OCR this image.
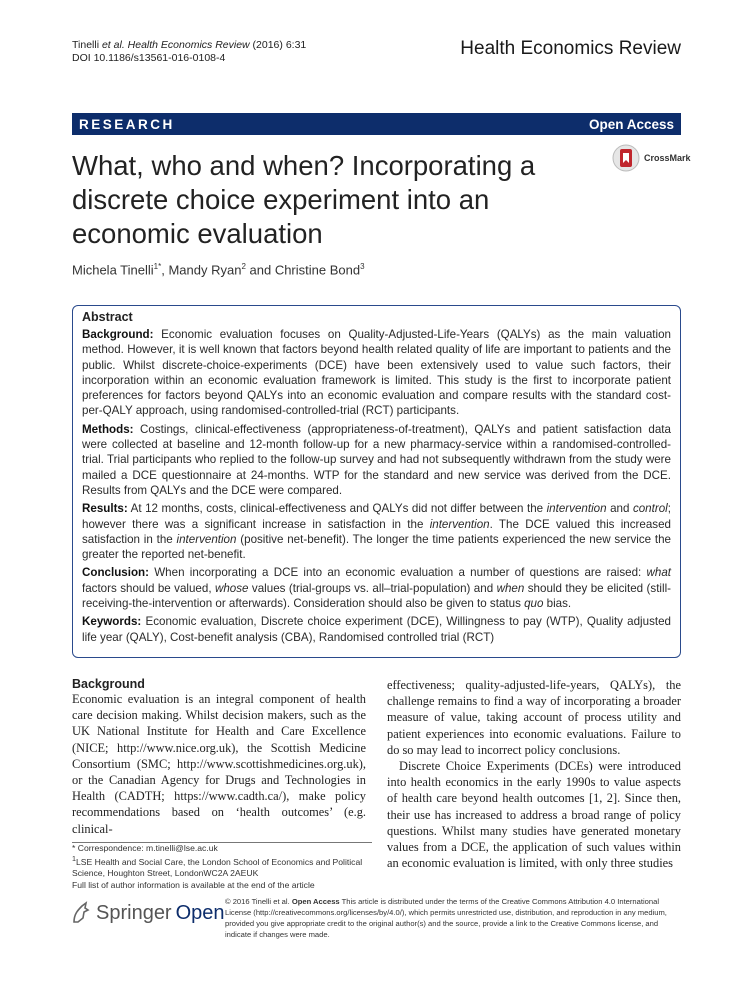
Tinelli et al. Health Economics Review (2016) 6:31
DOI 10.1186/s13561-016-0108-4	Health Economics Review
RESEARCH	Open Access
What, who and when? Incorporating a discrete choice experiment into an economic evaluation
CrossMark
Michela Tinelli$^{1*}$, Mandy Ryan$^2$ and Christine Bond$^3$
Abstract

Background: Economic evaluation focuses on Quality-Adjusted-Life-Years (QALYs) as the main valuation method. However, it is well known that factors beyond health related quality of life are important to patients and the public. Whilst discrete-choice-experiments (DCE) have been extensively used to value such factors, their incorporation within an economic evaluation framework is limited. This study is the first to incorporate patient preferences for factors beyond QALYs into an economic evaluation and compare results with the standard cost-per-QALY approach, using randomised-controlled-trial (RCT) participants.

Methods: Costings, clinical-effectiveness (appropriateness-of-treatment), QALYs and patient satisfaction data were collected at baseline and 12-month follow-up for a new pharmacy-service within a randomised-controlled-trial. Trial participants who replied to the follow-up survey and had not subsequently withdrawn from the study were mailed a DCE questionnaire at 24-months. WTP for the standard and new service was derived from the DCE. Results from QALYs and the DCE were compared.

Results: At 12 months, costs, clinical-effectiveness and QALYs did not differ between the intervention and control; however there was a significant increase in satisfaction in the intervention. The DCE valued this increased satisfaction in the intervention (positive net-benefit). The longer the time patients experienced the new service the greater the reported net-benefit.

Conclusion: When incorporating a DCE into an economic evaluation a number of questions are raised: what factors should be valued, whose values (trial-groups vs. all–trial-population) and when should they be elicited (still-receiving-the-intervention or afterwards). Consideration should also be given to status quo bias.

Keywords: Economic evaluation, Discrete choice experiment (DCE), Willingness to pay (WTP), Quality adjusted life year (QALY), Cost-benefit analysis (CBA), Randomised controlled trial (RCT)

Background

Economic evaluation is an integral component of health care decision making. Whilst decision makers, such as the UK National Institute for Health and Care Excellence (NICE; http://www.nice.org.uk), the Scottish Medicine Consortium (SMC; http://www.scottishmedicines.org.uk), or the Canadian Agency for Drugs and Technologies in Health (CADTH; https://www.cadth.ca/), make policy recommendations based on ‘health outcomes’ (e.g. clinical-

effectiveness; quality-adjusted-life-years, QALYs), the challenge remains to find a way of incorporating a broader measure of value, taking account of process utility and patient experiences into economic evaluations. Failure to do so may lead to incorrect policy conclusions.

Discrete Choice Experiments (DCEs) were introduced into health economics in the early 1990s to value aspects of health care beyond health outcomes [1, 2]. Since then, their use has increased to address a broad range of policy questions. Whilst many studies have generated monetary values from a DCE, the application of such values within an economic evaluation is limited, with only three studies

* Correspondence: m.tinelli@lse.ac.uk

$^1$LSE Health and Social Care, the London School of Economics and Political Science, Houghton Street, LondonWC2A 2AEUK

Full list of author information is available at the end of the article

Springer Open © 2016 Tinelli et al. Open Access This article is distributed under the terms of the Creative Commons Attribution 4.0 International License (http://creativecommons.org/licenses/by/4.0/), which permits unrestricted use, distribution, and reproduction in any medium, provided you give appropriate credit to the original author(s) and the source, provide a link to the Creative Commons license, and indicate if changes were made.
